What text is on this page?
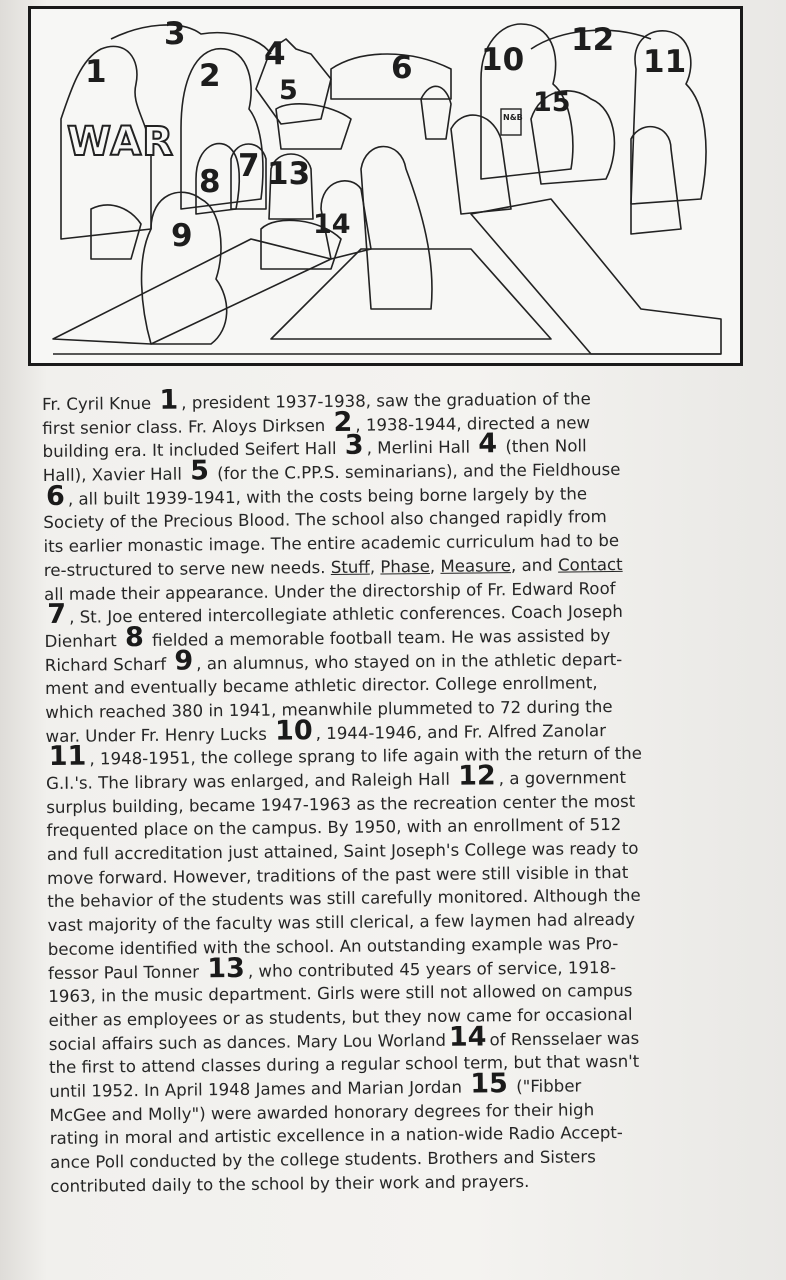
WAR
N&B
1	2
3
4
5
6
7
8
9
10	11
12
13
14
15
Fr. Cyril Knue 1 , president 1937-1938, saw the graduation of the
first senior class. Fr. Aloys Dirksen 2 , 1938-1944, directed a new
building era. It included Seifert Hall 3 , Merlini Hall 4 (then Noll
Hall), Xavier Hall 5 (for the C.PP.S. seminarians), and the Fieldhouse
6 , all built 1939-1941, with the costs being borne largely by the
Society of the Precious Blood. The school also changed rapidly from
its earlier monastic image. The entire academic curriculum had to be
re-structured to serve new needs. Stuff, Phase, Measure, and Contact
all made their appearance. Under the directorship of Fr. Edward Roof
7 , St. Joe entered intercollegiate athletic conferences. Coach Joseph
Dienhart 8 fielded a memorable football team. He was assisted by
Richard Scharf 9 , an alumnus, who stayed on in the athletic depart-
ment and eventually became athletic director. College enrollment,
which reached 380 in 1941, meanwhile plummeted to 72 during the
war. Under Fr. Henry Lucks 10 , 1944-1946, and Fr. Alfred Zanolar
11 , 1948-1951, the college sprang to life again with the return of the
G.I.'s. The library was enlarged, and Raleigh Hall 12 , a government
surplus building, became 1947-1963 as the recreation center the most
frequented place on the campus. By 1950, with an enrollment of 512
and full accreditation just attained, Saint Joseph's College was ready to
move forward. However, traditions of the past were still visible in that
the behavior of the students was still carefully monitored. Although the
vast majority of the faculty was still clerical, a few laymen had already
become identified with the school. An outstanding example was Pro-
fessor Paul Tonner 13 , who contributed 45 years of service, 1918-
1963, in the music department. Girls were still not allowed on campus
either as employees or as students, but they now came for occasional
social affairs such as dances. Mary Lou Worland 14 of Rensselaer was
the first to attend classes during a regular school term, but that wasn't
until 1952. In April 1948 James and Marian Jordan 15 ("Fibber
McGee and Molly") were awarded honorary degrees for their high
rating in moral and artistic excellence in a nation-wide Radio Accept-
ance Poll conducted by the college students. Brothers and Sisters
contributed daily to the school by their work and prayers.
